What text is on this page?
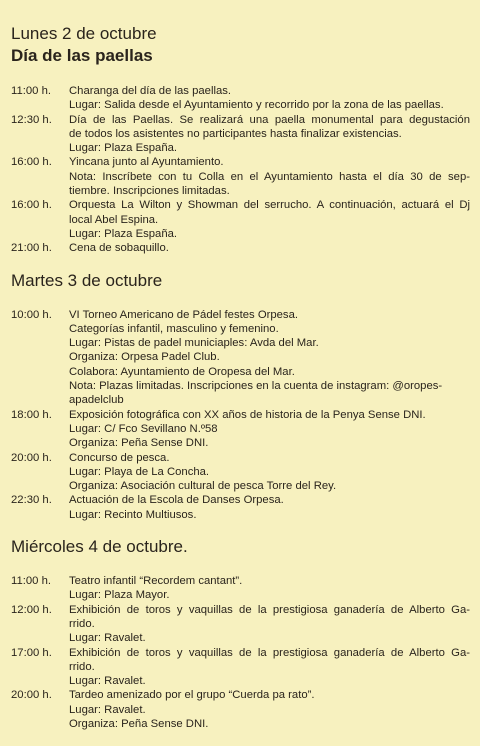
Lunes 2 de octubre
Día de las paellas
11:00 h.	Charanga del día de las paellas.
Lugar: Salida desde el Ayuntamiento y recorrido por la zona de las paellas.
12:30 h.	Día de las Paellas. Se realizará una paella monumental para degustación
de todos los asistentes no participantes hasta finalizar existencias.
Lugar: Plaza España.
16:00 h.	Yincana junto al Ayuntamiento.
Nota: Inscríbete con tu Colla en el Ayuntamiento hasta el día 30 de sep-
tiembre. Inscripciones limitadas.
16:00 h.	Orquesta La Wilton y Showman del serrucho. A continuación, actuará el Dj
local Abel Espina.
Lugar: Plaza España.
21:00 h.	Cena de sobaquillo.
Martes 3 de octubre
10:00 h.	VI Torneo Americano de Pádel festes Orpesa.
Categorías infantil, masculino y femenino.
Lugar: Pistas de padel municiaples: Avda del Mar.
Organiza: Orpesa Padel Club.
Colabora: Ayuntamiento de Oropesa del Mar.
Nota: Plazas limitadas. Inscripciones en la cuenta de instagram: @oropes-
apadelclub
18:00 h.	Exposición fotográfica con XX años de historia de la Penya Sense DNI.
Lugar: C/ Fco Sevillano N.º58
Organiza: Peña Sense DNI.
20:00 h.	Concurso de pesca.
Lugar: Playa de La Concha.
Organiza: Asociación cultural de pesca Torre del Rey.
22:30 h.	Actuación de la Escola de Danses Orpesa.
Lugar: Recinto Multiusos.
Miércoles 4 de octubre.
11:00 h.	Teatro infantil “Recordem cantant”.
Lugar: Plaza Mayor.
12:00 h.	Exhibición de toros y vaquillas de la prestigiosa ganadería de Alberto Ga-
rrido.
Lugar: Ravalet.
17:00 h.	Exhibición de toros y vaquillas de la prestigiosa ganadería de Alberto Ga-
rrido.
Lugar: Ravalet.
20:00 h.	Tardeo amenizado por el grupo “Cuerda pa rato”.
Lugar: Ravalet.
Organiza: Peña Sense DNI.
